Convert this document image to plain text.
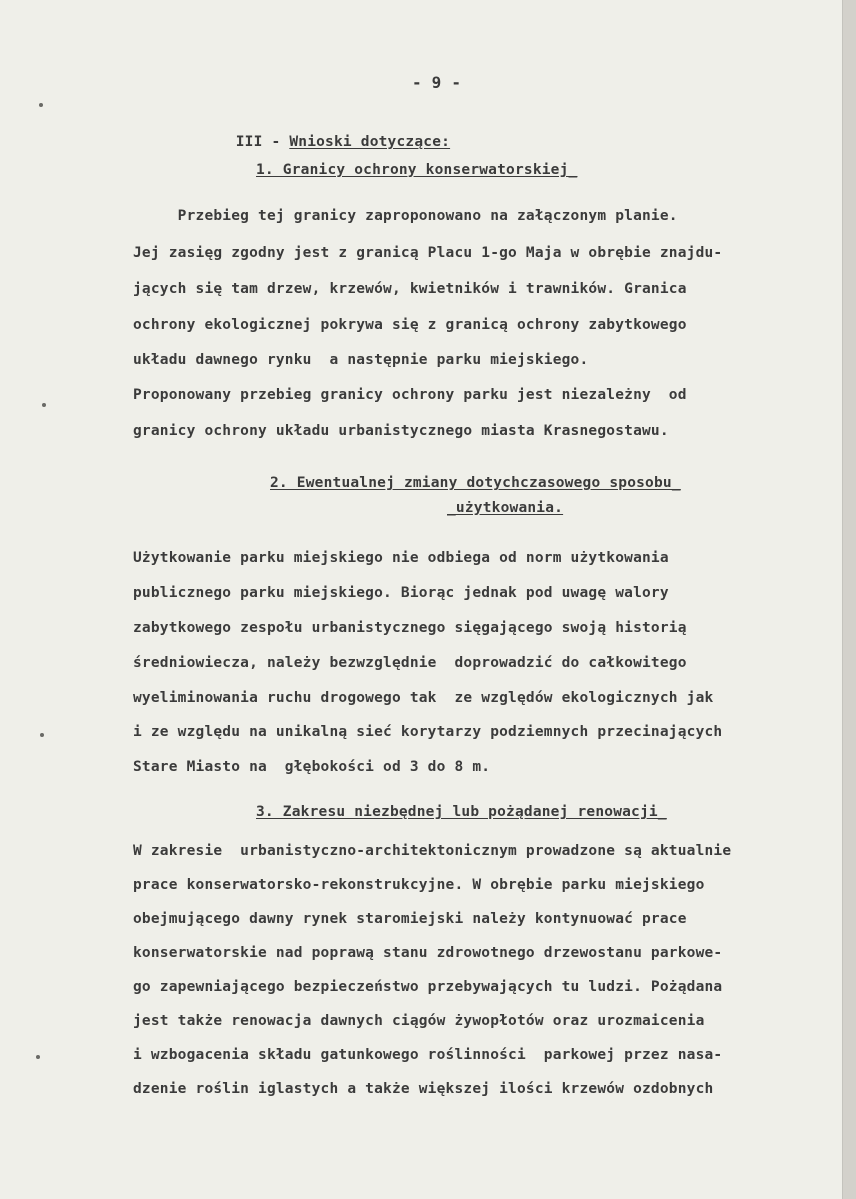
- 9 -

III - Wnioski dotyczące:

1. Granicy ochrony konserwatorskiej_
Przebieg tej granicy zaproponowano na załączonym planie.
Jej zasięg zgodny jest z granicą Placu 1-go Maja w obrębie znajdu-
jących się tam drzew, krzewów, kwietników i trawników. Granica
ochrony ekologicznej pokrywa się z granicą ochrony zabytkowego
układu dawnego rynku  a następnie parku miejskiego.
Proponowany przebieg granicy ochrony parku jest niezależny  od
granicy ochrony układu urbanistycznego miasta Krasnegostawu.
2. Ewentualnej zmiany dotychczasowego sposobu_
_użytkowania.
Użytkowanie parku miejskiego nie odbiega od norm użytkowania
publicznego parku miejskiego. Biorąc jednak pod uwagę walory
zabytkowego zespołu urbanistycznego sięgającego swoją historią
średniowiecza, należy bezwzględnie  doprowadzić do całkowitego
wyeliminowania ruchu drogowego tak  ze względów ekologicznych jak
i ze względu na unikalną sieć korytarzy podziemnych przecinających
Stare Miasto na  głębokości od 3 do 8 m.
3. Zakresu niezbędnej lub pożądanej renowacji_
W zakresie  urbanistyczno-architektonicznym prowadzone są aktualnie
prace konserwatorsko-rekonstrukcyjne. W obrębie parku miejskiego
obejmującego dawny rynek staromiejski należy kontynuować prace
konserwatorskie nad poprawą stanu zdrowotnego drzewostanu parkowe-
go zapewniającego bezpieczeństwo przebywających tu ludzi. Pożądana
jest także renowacja dawnych ciągów żywopłotów oraz urozmaicenia
i wzbogacenia składu gatunkowego roślinności  parkowej przez nasa-
dzenie roślin iglastych a także większej ilości krzewów ozdobnych
